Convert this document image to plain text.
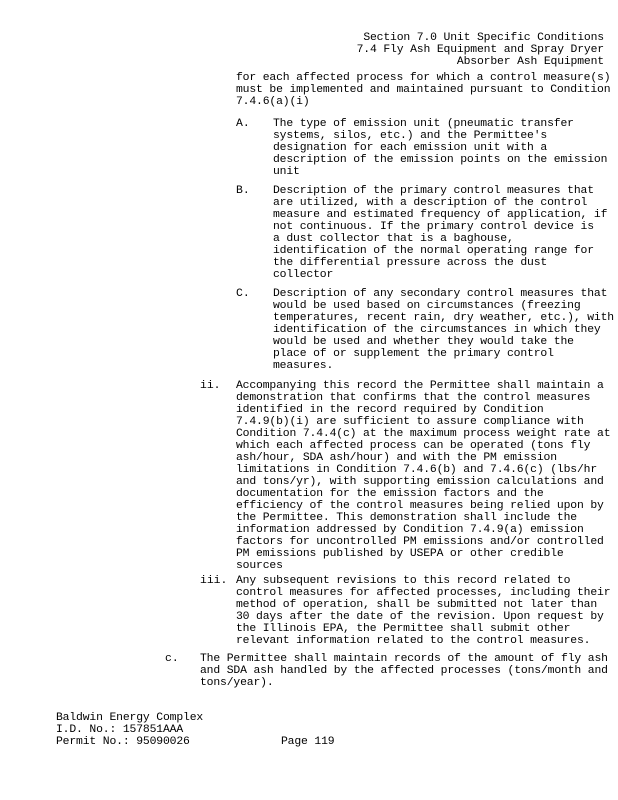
Section 7.0 Unit Specific Conditions
7.4 Fly Ash Equipment and Spray Dryer
Absorber Ash Equipment
for each affected process for which a control measure(s)
must be implemented and maintained pursuant to Condition
7.4.6(a)(i)
A. The type of emission unit (pneumatic transfer
systems, silos, etc.) and the Permittee's
designation for each emission unit with a
description of the emission points on the emission
unit
B. Description of the primary control measures that
are utilized, with a description of the control
measure and estimated frequency of application, if
not continuous. If the primary control device is
a dust collector that is a baghouse,
identification of the normal operating range for
the differential pressure across the dust
collector
C. Description of any secondary control measures that
would be used based on circumstances (freezing
temperatures, recent rain, dry weather, etc.), with
identification of the circumstances in which they
would be used and whether they would take the
place of or supplement the primary control
measures.
ii. Accompanying this record the Permittee shall maintain a
demonstration that confirms that the control measures
identified in the record required by Condition
7.4.9(b)(i) are sufficient to assure compliance with
Condition 7.4.4(c) at the maximum process weight rate at
which each affected process can be operated (tons fly
ash/hour, SDA ash/hour) and with the PM emission
limitations in Condition 7.4.6(b) and 7.4.6(c) (lbs/hr
and tons/yr), with supporting emission calculations and
documentation for the emission factors and the
efficiency of the control measures being relied upon by
the Permittee. This demonstration shall include the
information addressed by Condition 7.4.9(a) emission
factors for uncontrolled PM emissions and/or controlled
PM emissions published by USEPA or other credible
sources
iii. Any subsequent revisions to this record related to
control measures for affected processes, including their
method of operation, shall be submitted not later than
30 days after the date of the revision. Upon request by
the Illinois EPA, the Permittee shall submit other
relevant information related to the control measures.
c. The Permittee shall maintain records of the amount of fly ash
and SDA ash handled by the affected processes (tons/month and
tons/year).
Baldwin Energy Complex
I.D. No.: 157851AAA
Permit No.: 95090026	Page 119
